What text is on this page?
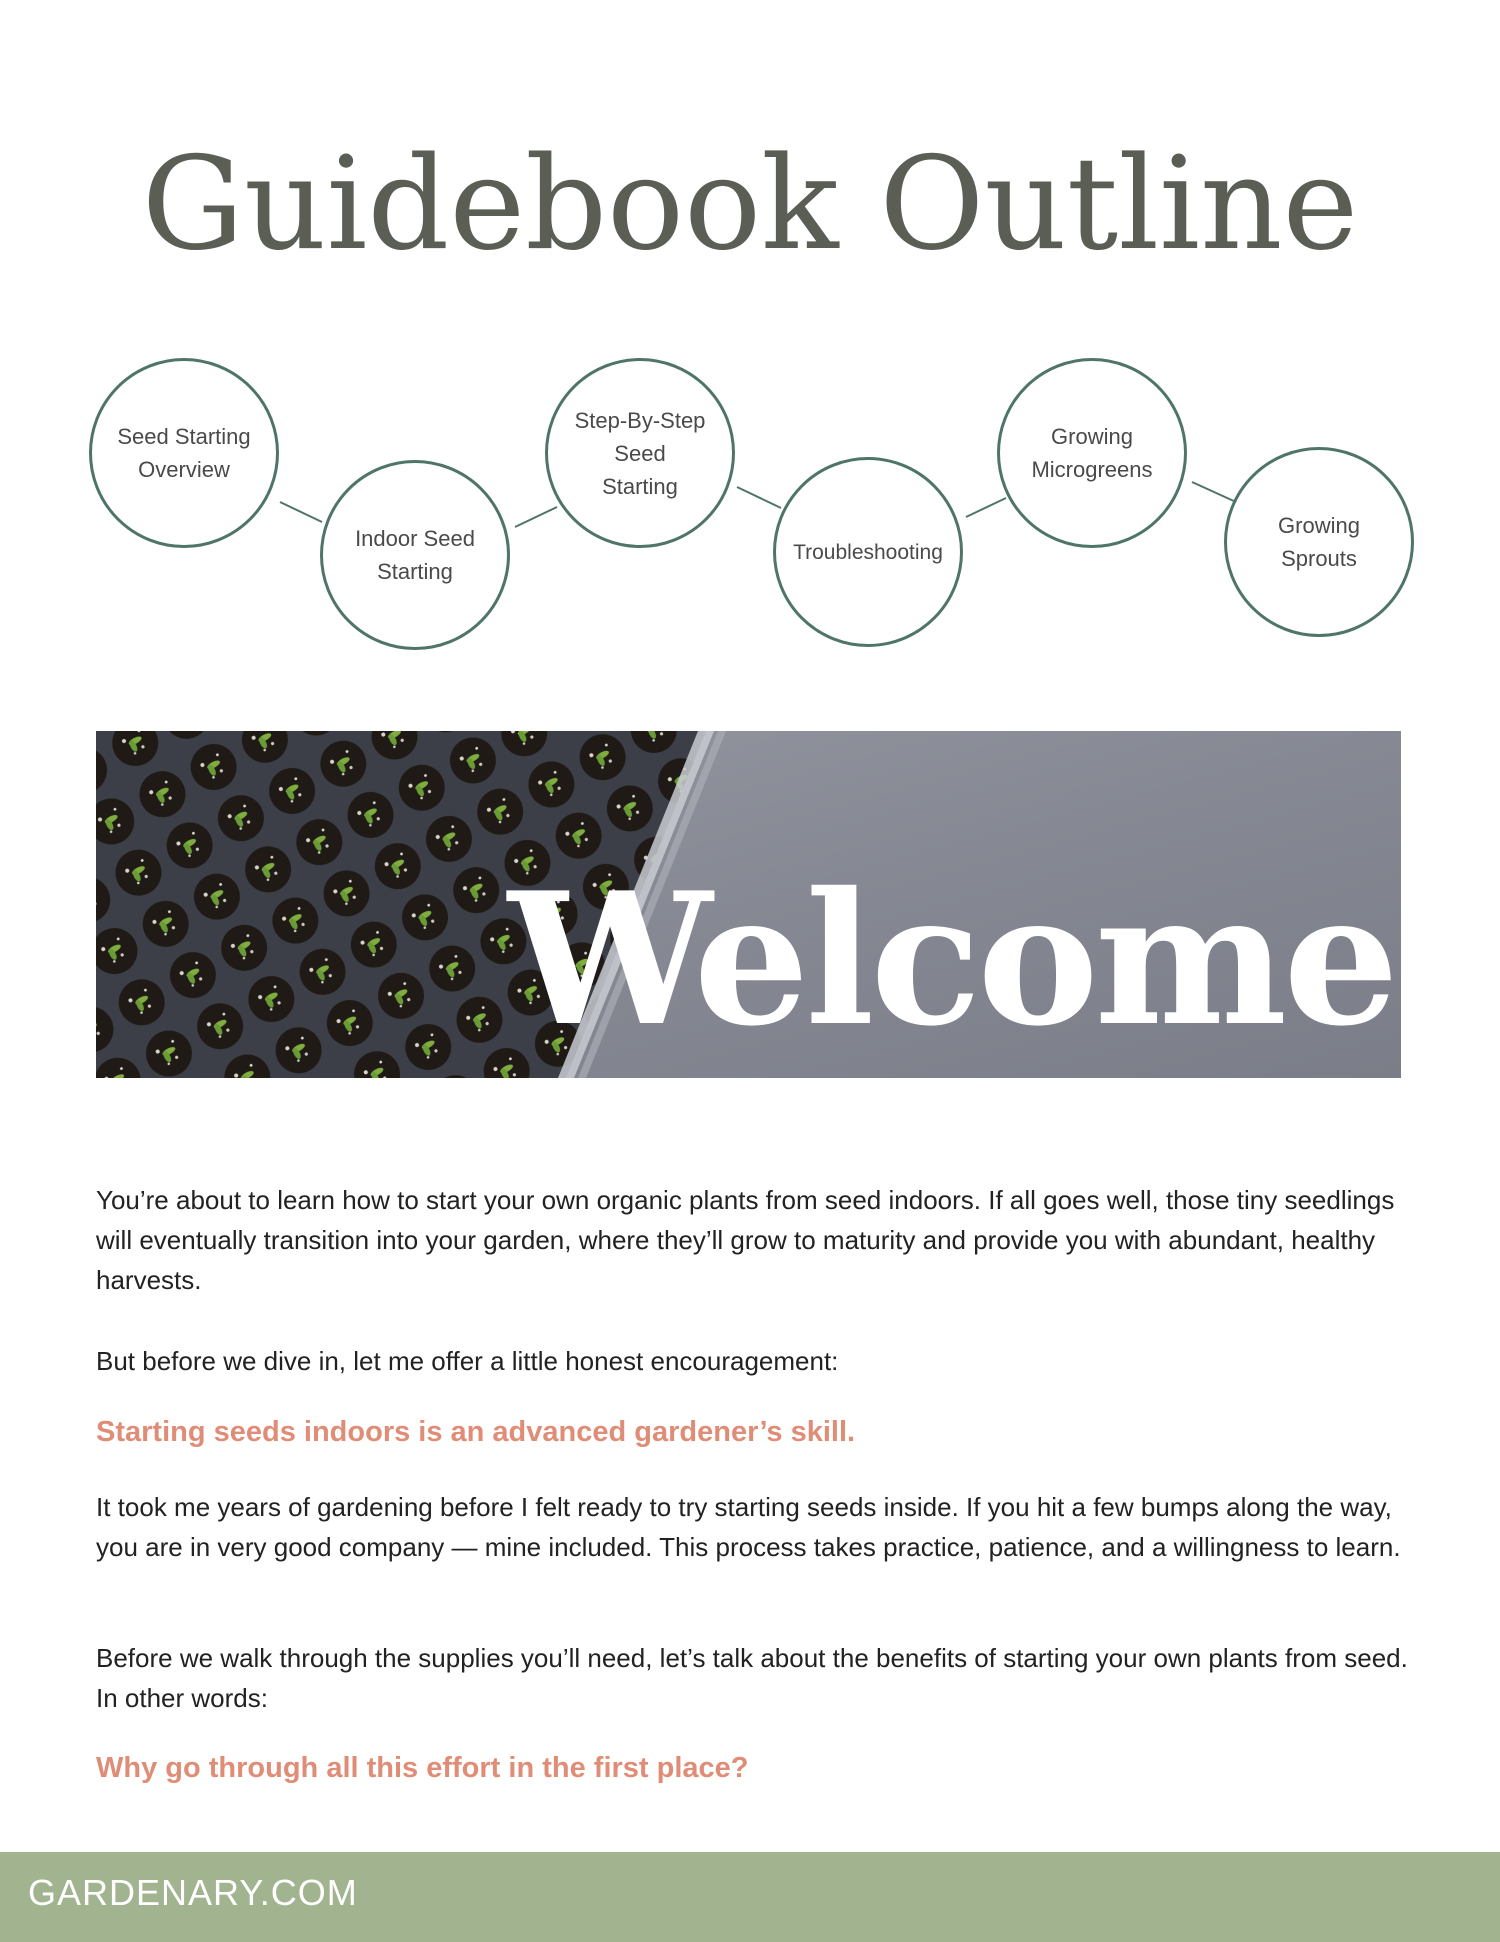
Guidebook Outline
Seed Starting Overview
Indoor Seed Starting
Step-By-Step Seed Starting
Troubleshooting
Growing Microgreens
Growing Sprouts
Welcome

You’re about to learn how to start your own organic plants from seed indoors. If all goes well, those tiny seedlings will eventually transition into your garden, where they’ll grow to maturity and provide you with abundant, healthy harvests.

But before we dive in, let me offer a little honest encouragement:

Starting seeds indoors is an advanced gardener’s skill.

It took me years of gardening before I felt ready to try starting seeds inside. If you hit a few bumps along the way, you are in very good company — mine included. This process takes practice, patience, and a willingness to learn.

Before we walk through the supplies you’ll need, let’s talk about the benefits of starting your own plants from seed. In other words:

Why go through all this effort in the first place?

GARDENARY.COM
